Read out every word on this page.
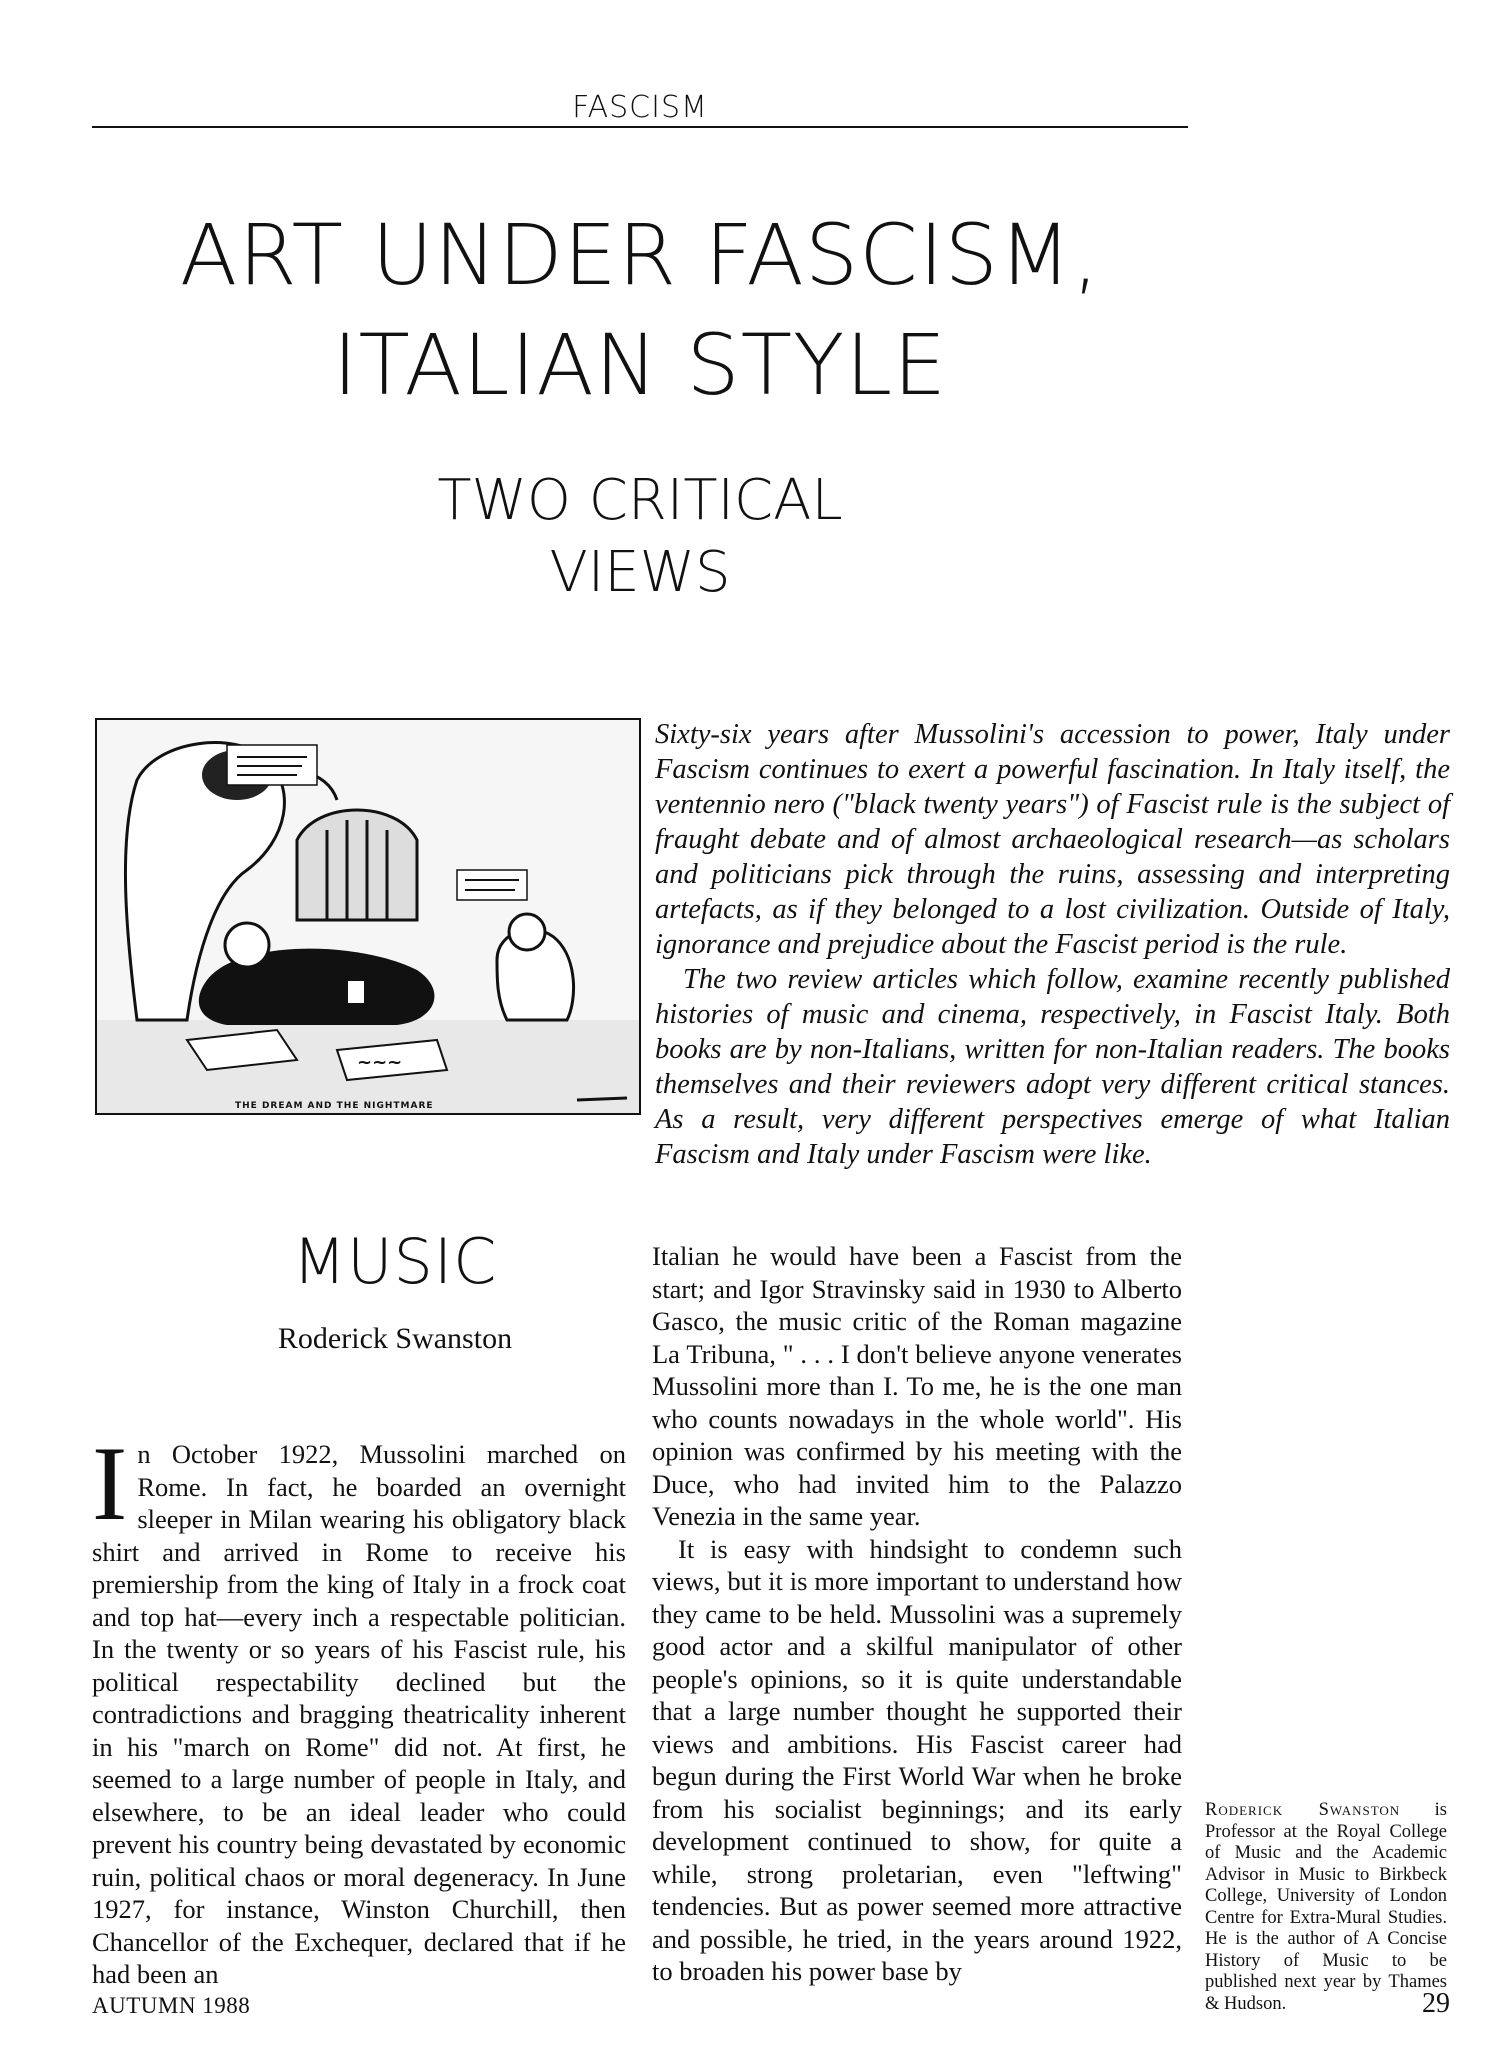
FASCISM
ART UNDER FASCISM,
ITALIAN STYLE
TWO CRITICAL
VIEWS
~~~
THE DREAM AND THE NIGHTMARE

Sixty-six years after Mussolini's accession to power, Italy under Fascism continues to exert a powerful fascination. In Italy itself, the ventennio nero ("black twenty years") of Fascist rule is the subject of fraught debate and of almost archaeological research—as scholars and politicians pick through the ruins, assessing and interpreting artefacts, as if they belonged to a lost civilization. Outside of Italy, ignorance and prejudice about the Fascist period is the rule.

The two review articles which follow, examine recently published histories of music and cinema, respectively, in Fascist Italy. Both books are by non-Italians, written for non-Italian readers. The books themselves and their reviewers adopt very different critical stances. As a result, very different perspectives emerge of what Italian Fascism and Italy under Fascism were like.

MUSIC
Roderick Swanston

In October 1922, Mussolini marched on Rome. In fact, he boarded an overnight sleeper in Milan wearing his obligatory black shirt and arrived in Rome to receive his premiership from the king of Italy in a frock coat and top hat—every inch a respectable politician. In the twenty or so years of his Fascist rule, his political respectability declined but the contradictions and bragging theatricality inherent in his "march on Rome" did not. At first, he seemed to a large number of people in Italy, and elsewhere, to be an ideal leader who could prevent his country being devastated by economic ruin, political chaos or moral degeneracy. In June 1927, for instance, Winston Churchill, then Chancellor of the Exchequer, declared that if he had been an

Italian he would have been a Fascist from the start; and Igor Stravinsky said in 1930 to Alberto Gasco, the music critic of the Roman magazine La Tribuna, " . . . I don't believe anyone venerates Mussolini more than I. To me, he is the one man who counts nowadays in the whole world". His opinion was confirmed by his meeting with the Duce, who had invited him to the Palazzo Venezia in the same year.

It is easy with hindsight to condemn such views, but it is more important to understand how they came to be held. Mussolini was a supremely good actor and a skilful manipulator of other people's opinions, so it is quite understandable that a large number thought he supported their views and ambitions. His Fascist career had begun during the First World War when he broke from his socialist beginnings; and its early development continued to show, for quite a while, strong proletarian, even "leftwing" tendencies. But as power seemed more attractive and possible, he tried, in the years around 1922, to broaden his power base by

Roderick Swanston is Professor at the Royal College of Music and the Academic Advisor in Music to Birkbeck College, University of London Centre for Extra-Mural Studies. He is the author of A Concise History of Music to be published next year by Thames & Hudson.
AUTUMN 1988	29
